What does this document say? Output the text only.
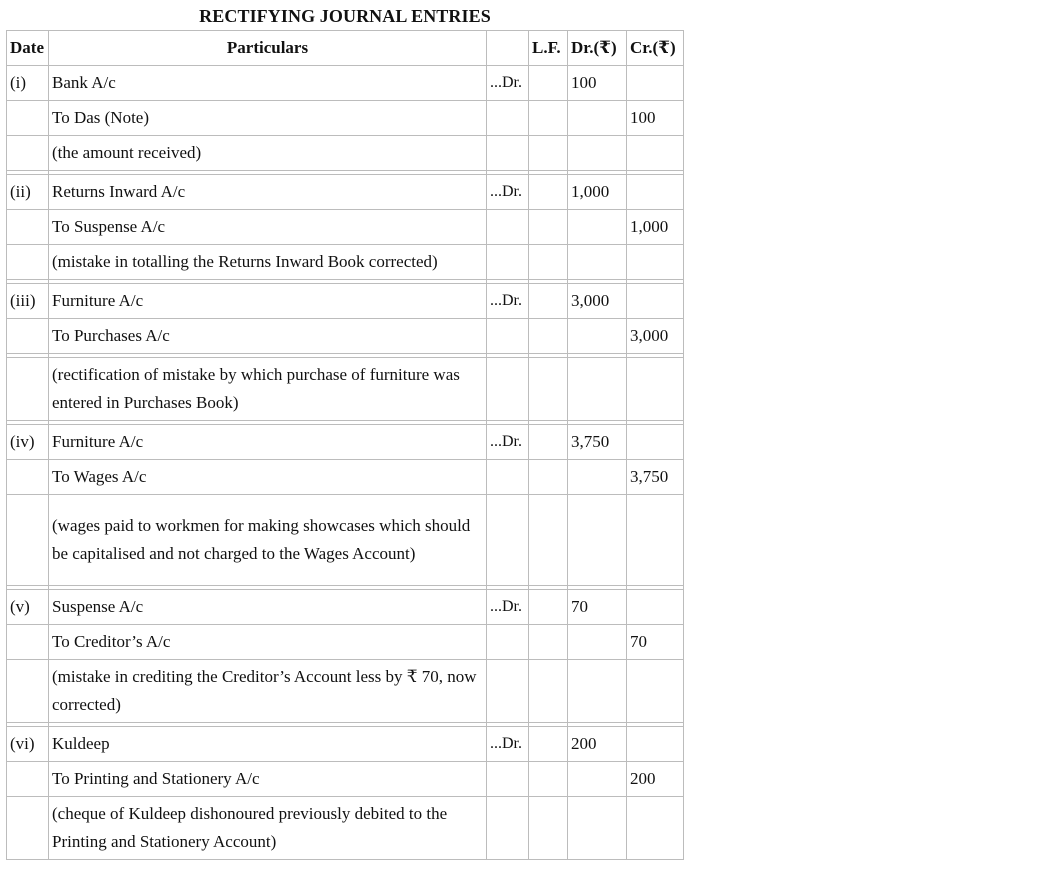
RECTIFYING JOURNAL ENTRIES
Date	Particulars		L.F.	Dr.(₹)	Cr.(₹)
(i)	Bank A/c	...Dr.		100	
	To Das (Note)				100
	(the amount received)				

(ii)	Returns Inward A/c	...Dr.		1,000	
	To Suspense A/c				1,000
	(mistake in totalling the Returns Inward Book corrected)				

(iii)	Furniture A/c	...Dr.		3,000	
	To Purchases A/c				3,000

	(rectification of mistake by which purchase of furniture was entered in Purchases Book)				

(iv)	Furniture A/c	...Dr.		3,750	
	To Wages A/c				3,750
	(wages paid to workmen for making showcases which should be capitalised and not charged to the Wages Account)				

(v)	Suspense A/c	...Dr.		70	
	To Creditor’s A/c				70
	(mistake in crediting the Creditor’s Account less by ₹ 70, now corrected)				

(vi)	Kuldeep	...Dr.		200	
	To Printing and Stationery A/c				200
	(cheque of Kuldeep dishonoured previously debited to the Printing and Stationery Account)				
